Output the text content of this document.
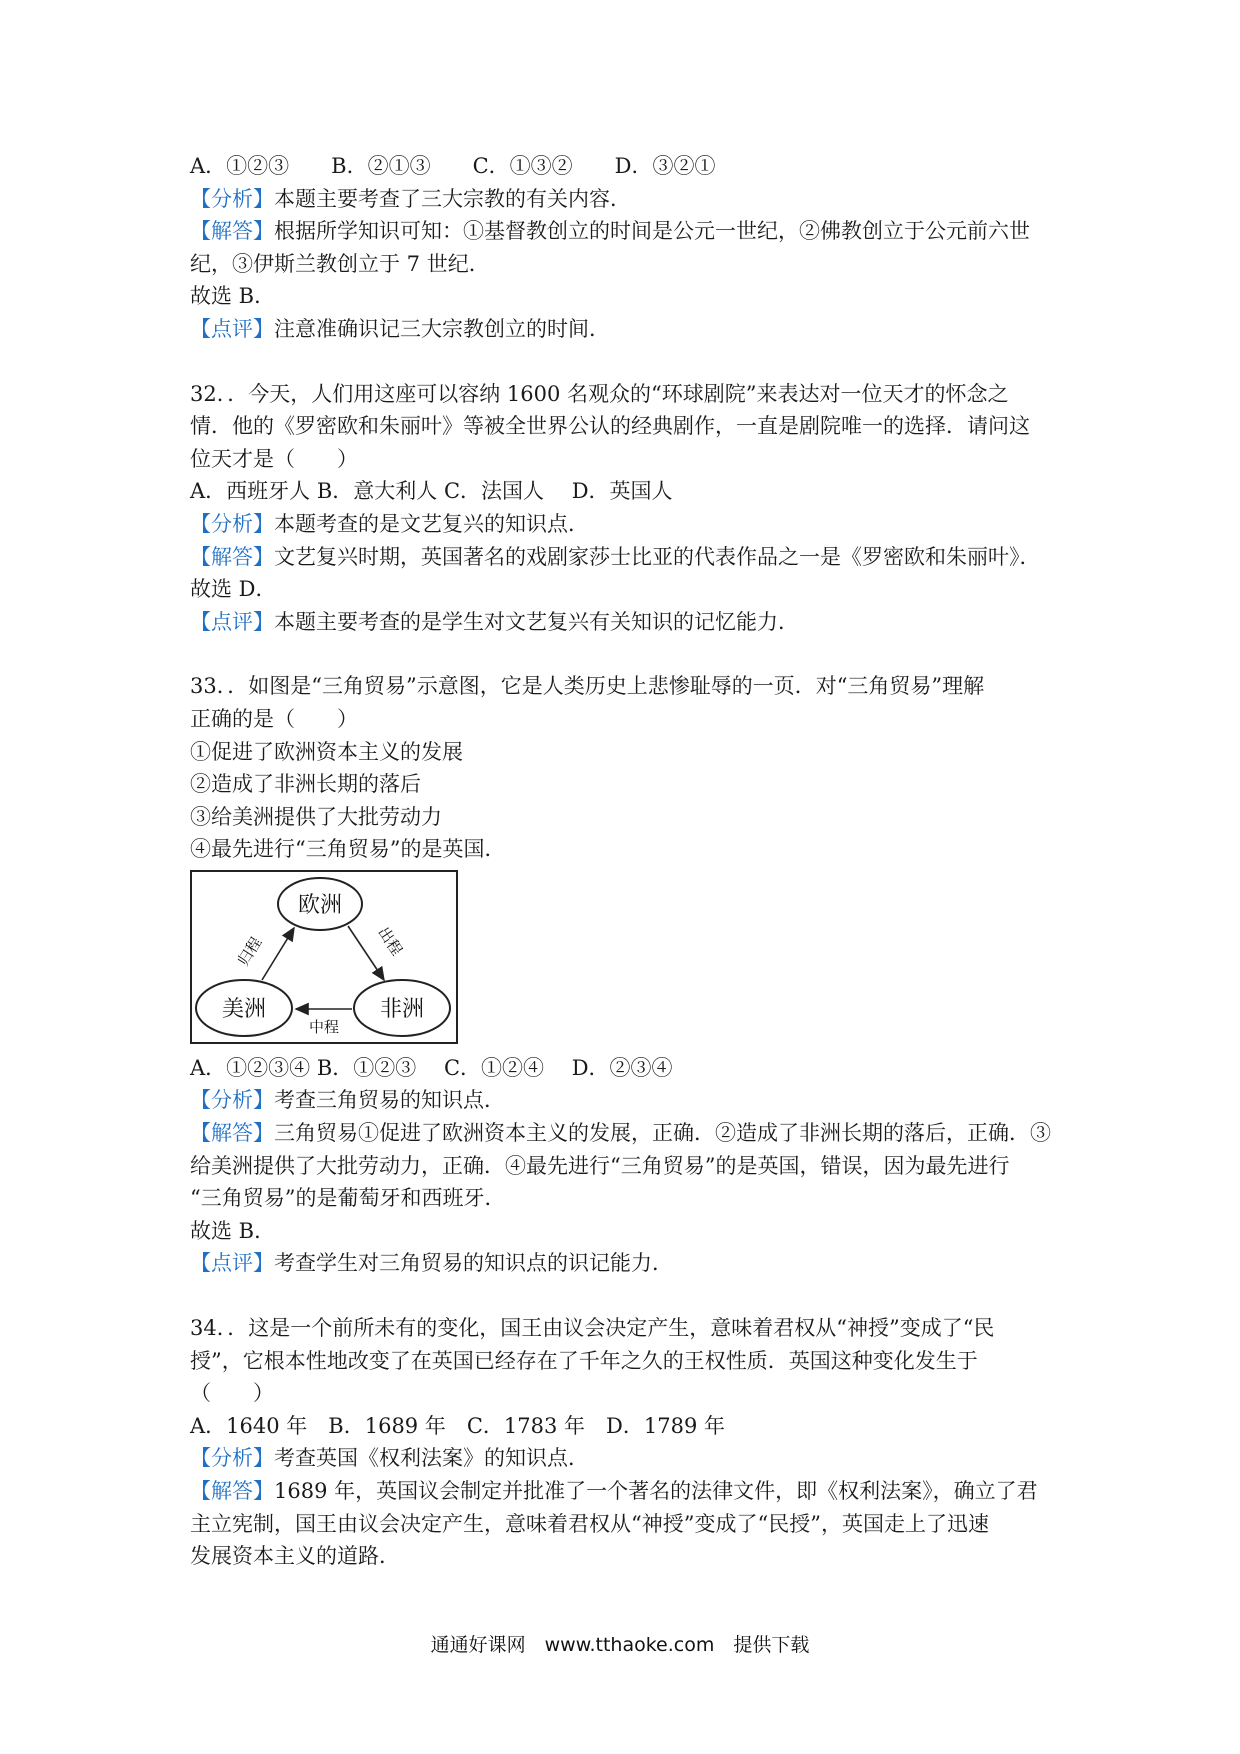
A．①②③　　B．②①③　　C．①③②　　D．③②①
【分析】本题主要考查了三大宗教的有关内容．
【解答】根据所学知识可知：①基督教创立的时间是公元一世纪，②佛教创立于公元前六世
纪，③伊斯兰教创立于 7 世纪．
故选 B．
【点评】注意准确识记三大宗教创立的时间．
32．．今天，人们用这座可以容纳 1600 名观众的“环球剧院”来表达对一位天才的怀念之
情．他的《罗密欧和朱丽叶》等被全世界公认的经典剧作，一直是剧院唯一的选择．请问这
位天才是（　　）
A．西班牙人 B．意大利人 C．法国人　 D．英国人
【分析】本题考查的是文艺复兴的知识点．
【解答】文艺复兴时期，英国著名的戏剧家莎士比亚的代表作品之一是《罗密欧和朱丽叶》．
故选 D．
【点评】本题主要考查的是学生对文艺复兴有关知识的记忆能力．
33．．如图是“三角贸易”示意图，它是人类历史上悲惨耻辱的一页．对“三角贸易”理解
正确的是（　　）
①促进了欧洲资本主义的发展
②造成了非洲长期的落后
③给美洲提供了大批劳动力
④最先进行“三角贸易”的是英国．
欧洲
美洲	非洲
归程	出程
中程
A．①②③④ B．①②③　 C．①②④　 D．②③④
【分析】考查三角贸易的知识点．
【解答】三角贸易①促进了欧洲资本主义的发展，正确．②造成了非洲长期的落后，正确．③
给美洲提供了大批劳动力，正确．④最先进行“三角贸易”的是英国，错误，因为最先进行
“三角贸易”的是葡萄牙和西班牙．
故选 B．
【点评】考查学生对三角贸易的知识点的识记能力．
34．．这是一个前所未有的变化，国王由议会决定产生，意味着君权从“神授”变成了“民
授”，它根本性地改变了在英国已经存在了千年之久的王权性质．英国这种变化发生于
（　　）
A．1640 年　B．1689 年　C．1783 年　D．1789 年
【分析】考查英国《权利法案》的知识点．
【解答】1689 年，英国议会制定并批准了一个著名的法律文件，即《权利法案》，确立了君
主立宪制，国王由议会决定产生，意味着君权从“神授”变成了“民授”，英国走上了迅速
发展资本主义的道路．
通通好课网　www.tthaoke.com　提供下载
